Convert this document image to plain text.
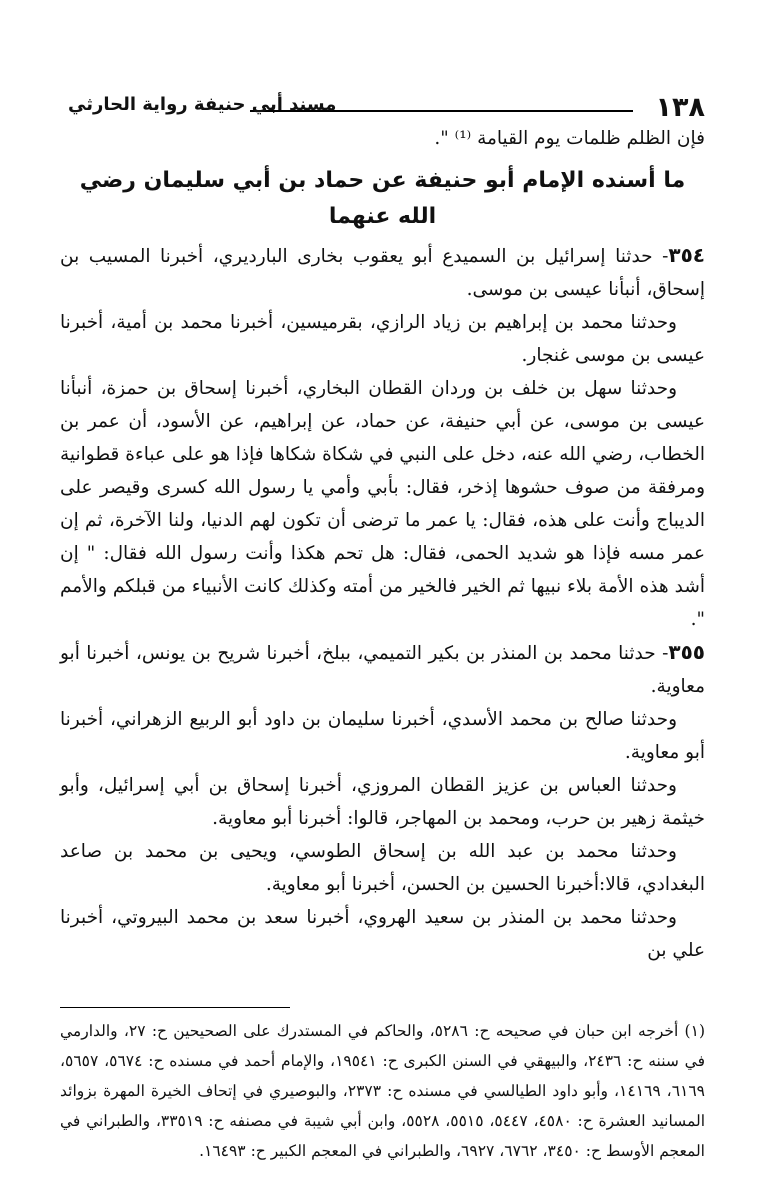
١٣٨
مسند أبي حنيفة رواية الحارثي

فإن الظلم ظلمات يوم القيامة ⁽¹⁾ ".

ما أسنده الإمام أبو حنيفة عن حماد بن أبي سليمان رضي الله عنهما

٣٥٤- حدثنا إسرائيل بن السميدع أبو يعقوب بخارى البارديري، أخبرنا المسيب بن إسحاق، أنبأنا عيسى بن موسى.

وحدثنا محمد بن إبراهيم بن زياد الرازي، بقرميسين، أخبرنا محمد بن أمية، أخبرنا عيسى بن موسى غنجار.

وحدثنا سهل بن خلف بن وردان القطان البخاري، أخبرنا إسحاق بن حمزة، أنبأنا عيسى بن موسى، عن أبي حنيفة، عن حماد، عن إبراهيم، عن الأسود، أن عمر بن الخطاب، رضي الله عنه، دخل على النبي في شكاة شكاها فإذا هو على عباءة قطوانية ومرفقة من صوف حشوها إذخر، فقال: بأبي وأمي يا رسول الله كسرى وقيصر على الديباج وأنت على هذه، فقال: يا عمر ما ترضى أن تكون لهم الدنيا، ولنا الآخرة، ثم إن عمر مسه فإذا هو شديد الحمى، فقال: هل تحم هكذا وأنت رسول الله فقال: " إن أشد هذه الأمة بلاء نبيها ثم الخير فالخير من أمته وكذلك كانت الأنبياء من قبلكم والأمم ".

٣٥٥- حدثنا محمد بن المنذر بن بكير التميمي، ببلخ، أخبرنا شريح بن يونس، أخبرنا أبو معاوية.

وحدثنا صالح بن محمد الأسدي، أخبرنا سليمان بن داود أبو الربيع الزهراني، أخبرنا أبو معاوية.

وحدثنا العباس بن عزيز القطان المروزي، أخبرنا إسحاق بن أبي إسرائيل، وأبو خيثمة زهير بن حرب، ومحمد بن المهاجر، قالوا: أخبرنا أبو معاوية.

وحدثنا محمد بن عبد الله بن إسحاق الطوسي، ويحيى بن محمد بن صاعد البغدادي، قالا:أخبرنا الحسين بن الحسن، أخبرنا أبو معاوية.

وحدثنا محمد بن المنذر بن سعيد الهروي، أخبرنا سعد بن محمد البيروتي، أخبرنا علي بن

(١) أخرجه ابن حبان في صحيحه ح: ٥٢٨٦، والحاكم في المستدرك على الصحيحين ح: ٢٧، والدارمي في سننه ح: ٢٤٣٦، والبيهقي في السنن الكبرى ح: ١٩٥٤١، والإمام أحمد في مسنده ح: ٥٦٧٤، ٥٦٥٧، ٦١٦٩، ١٤١٦٩، وأبو داود الطيالسي في مسنده ح: ٢٣٧٣، والبوصيري في إتحاف الخيرة المهرة بزوائد المسانيد العشرة ح: ٤٥٨٠، ٥٤٤٧، ٥٥١٥، ٥٥٢٨، وابن أبي شيبة في مصنفه ح: ٣٣٥١٩، والطبراني في المعجم الأوسط ح: ٣٤٥٠، ٦٧٦٢، ٦٩٢٧، والطبراني في المعجم الكبير ح: ١٦٤٩٣.
